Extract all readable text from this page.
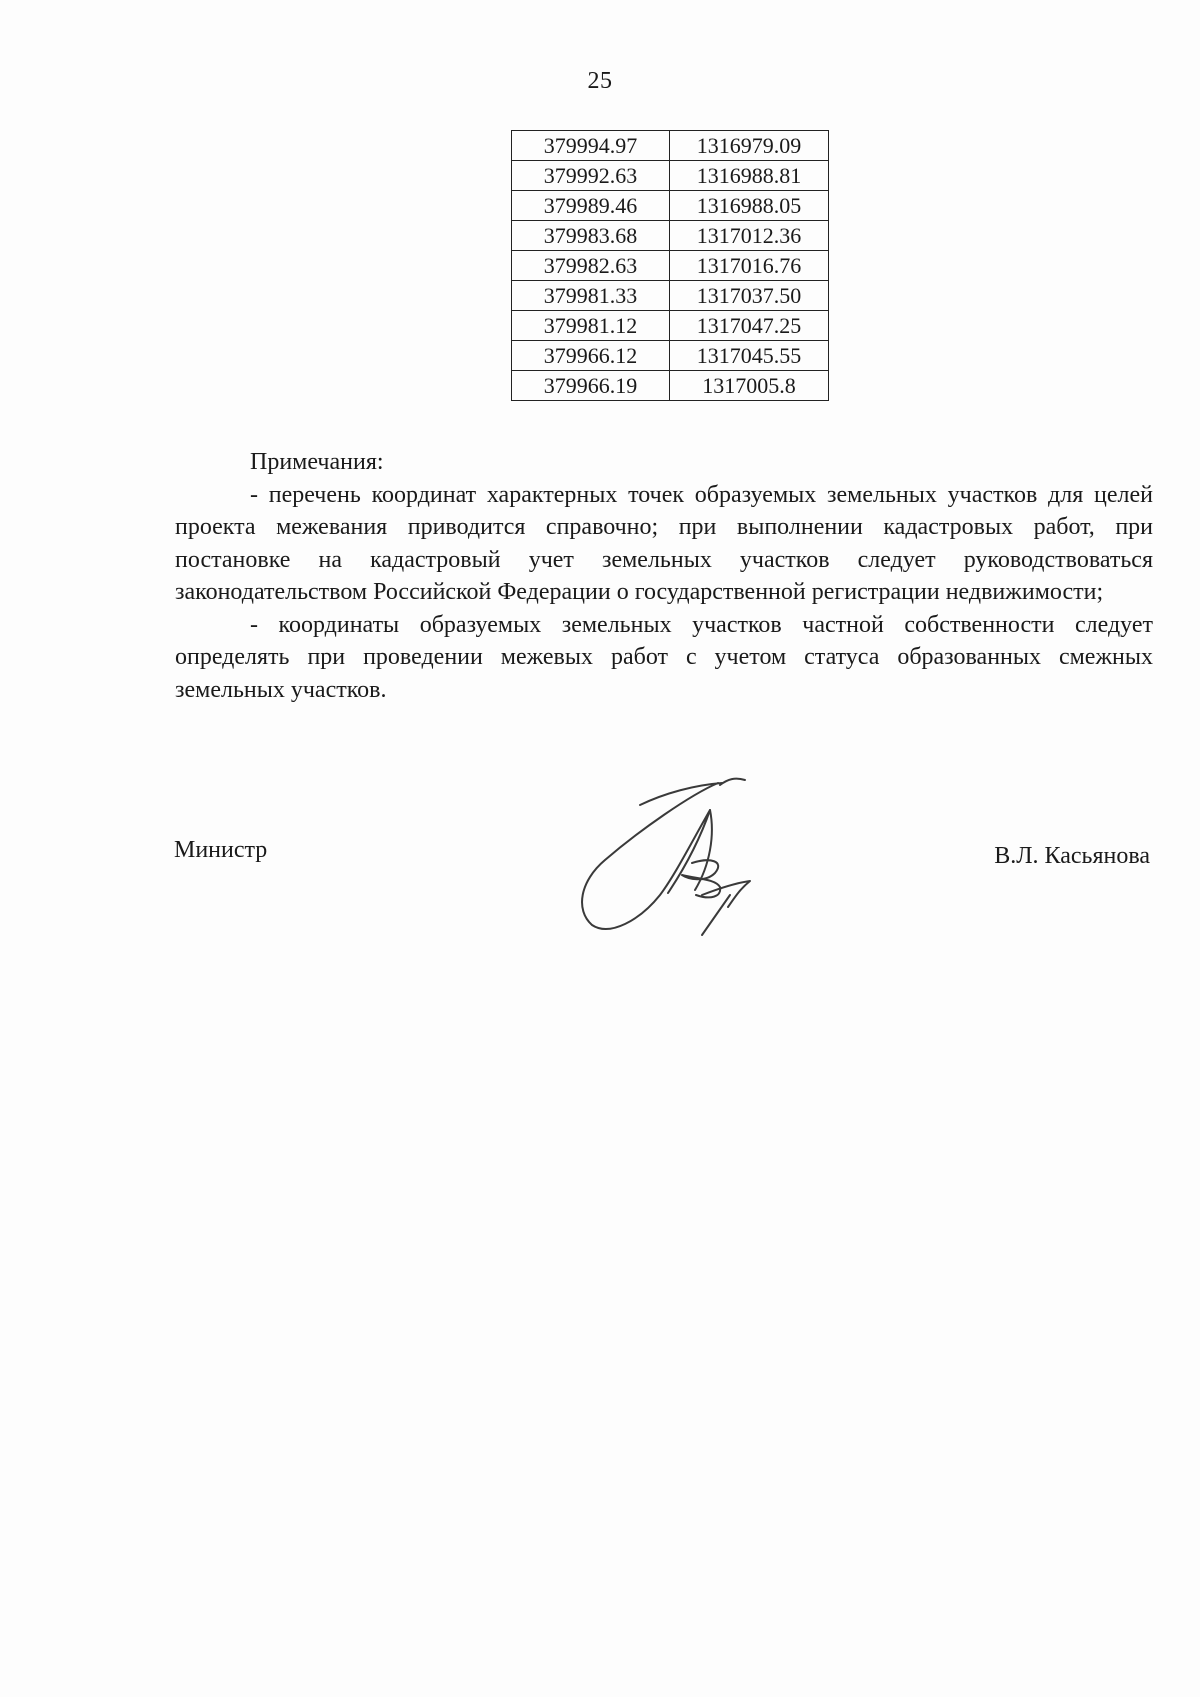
25
379994.97	1316979.09
379992.63	1316988.81
379989.46	1316988.05
379983.68	1317012.36
379982.63	1317016.76
379981.33	1317037.50
379981.12	1317047.25
379966.12	1317045.55
379966.19	1317005.8
Примечания:

- перечень координат характерных точек образуемых земельных участков для целей проекта межевания приводится справочно; при выполнении кадастровых работ, при постановке на кадастровый учет земельных участков следует руководствоваться законодательством Российской Федерации о государственной регистрации недвижимости;

- координаты образуемых земельных участков частной собственности следует определять при проведении межевых работ с учетом статуса образованных смежных земельных участков.

Министр	В.Л. Касьянова
